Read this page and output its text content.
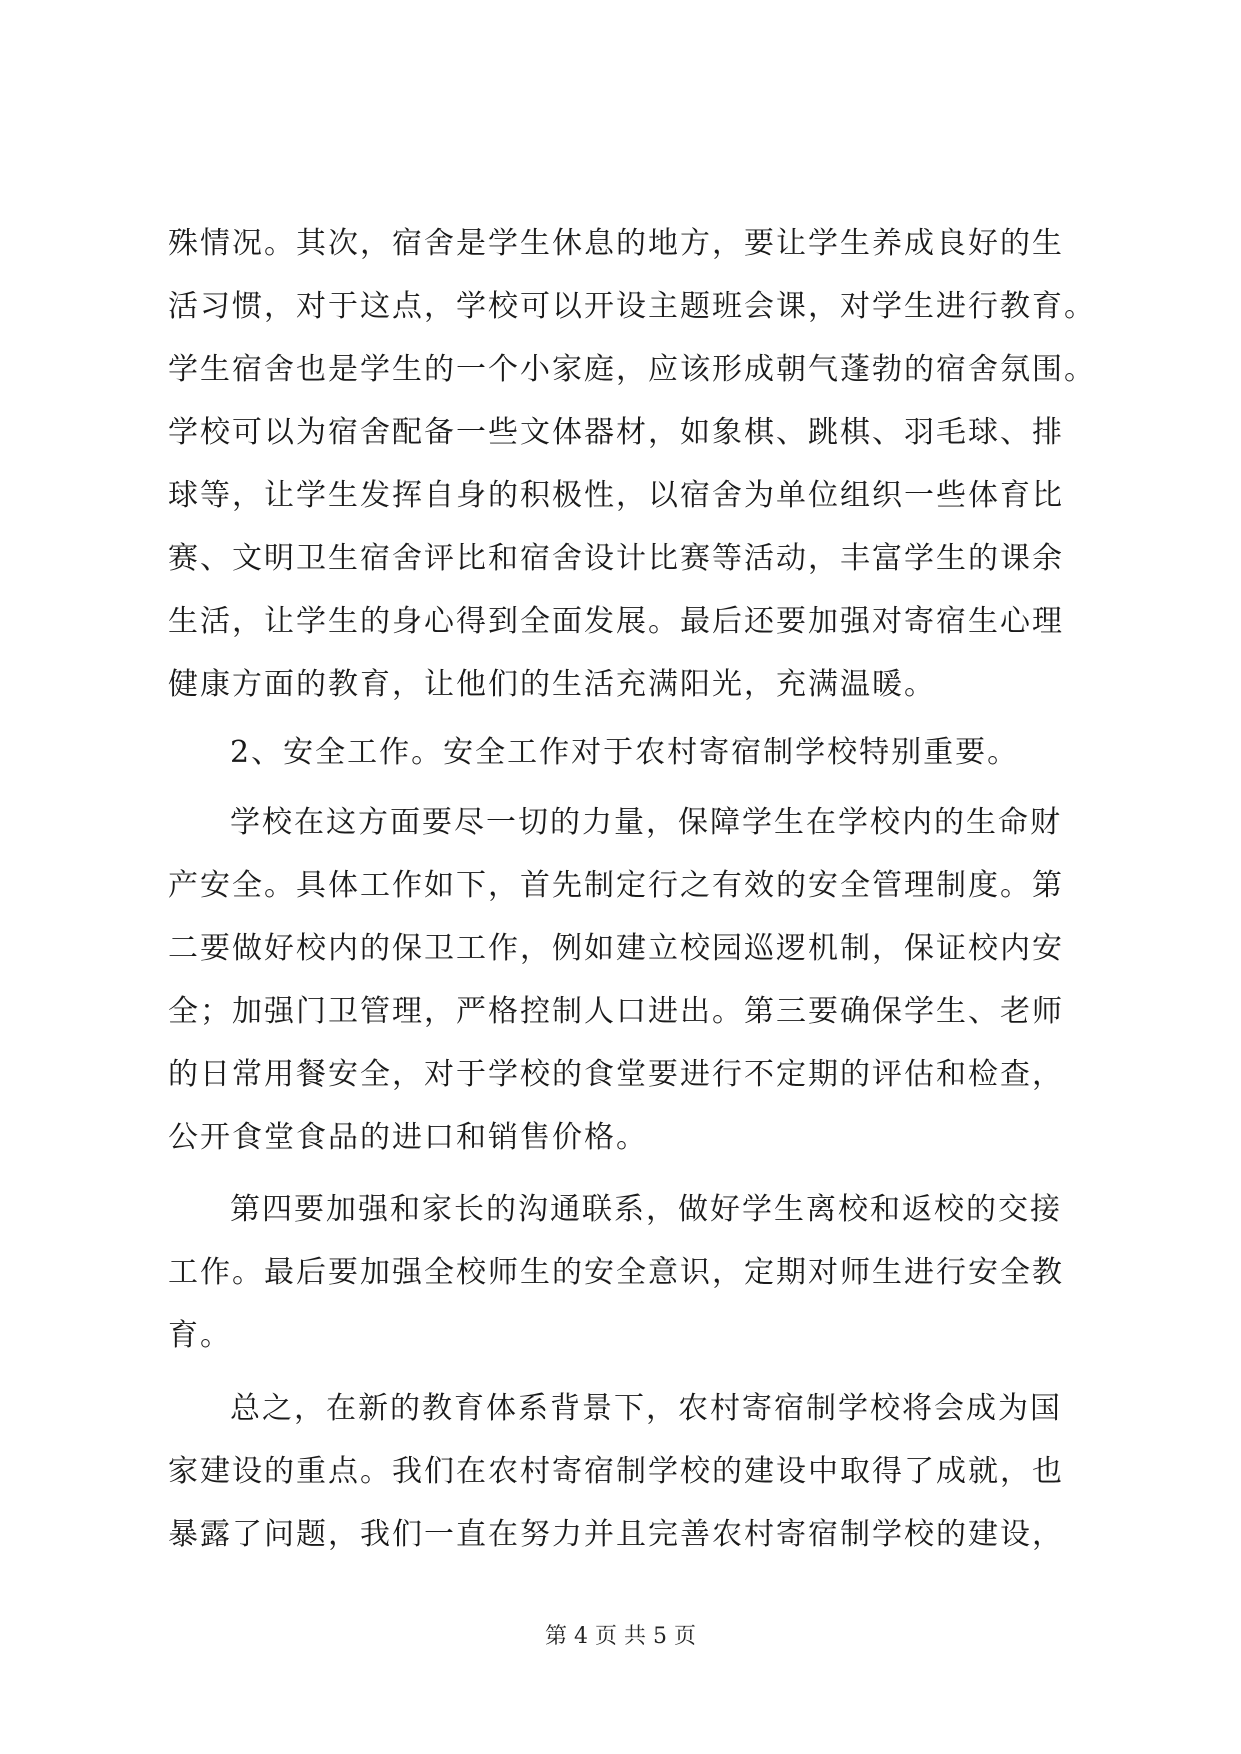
殊情况。其次，宿舍是学生休息的地方，要让学生养成良好的生
活习惯，对于这点，学校可以开设主题班会课，对学生进行教育。
学生宿舍也是学生的一个小家庭，应该形成朝气蓬勃的宿舍氛围。
学校可以为宿舍配备一些文体器材，如象棋、跳棋、羽毛球、排
球等，让学生发挥自身的积极性，以宿舍为单位组织一些体育比
赛、文明卫生宿舍评比和宿舍设计比赛等活动，丰富学生的课余
生活，让学生的身心得到全面发展。最后还要加强对寄宿生心理
健康方面的教育，让他们的生活充满阳光，充满温暖。
2、安全工作。安全工作对于农村寄宿制学校特别重要。
学校在这方面要尽一切的力量，保障学生在学校内的生命财
产安全。具体工作如下，首先制定行之有效的安全管理制度。第
二要做好校内的保卫工作，例如建立校园巡逻机制，保证校内安
全；加强门卫管理，严格控制人口进出。第三要确保学生、老师
的日常用餐安全，对于学校的食堂要进行不定期的评估和检查，
公开食堂食品的进口和销售价格。
第四要加强和家长的沟通联系，做好学生离校和返校的交接
工作。最后要加强全校师生的安全意识，定期对师生进行安全教
育。
总之，在新的教育体系背景下，农村寄宿制学校将会成为国
家建设的重点。我们在农村寄宿制学校的建设中取得了成就，也
暴露了问题，我们一直在努力并且完善农村寄宿制学校的建设，
第 4 页 共 5 页
